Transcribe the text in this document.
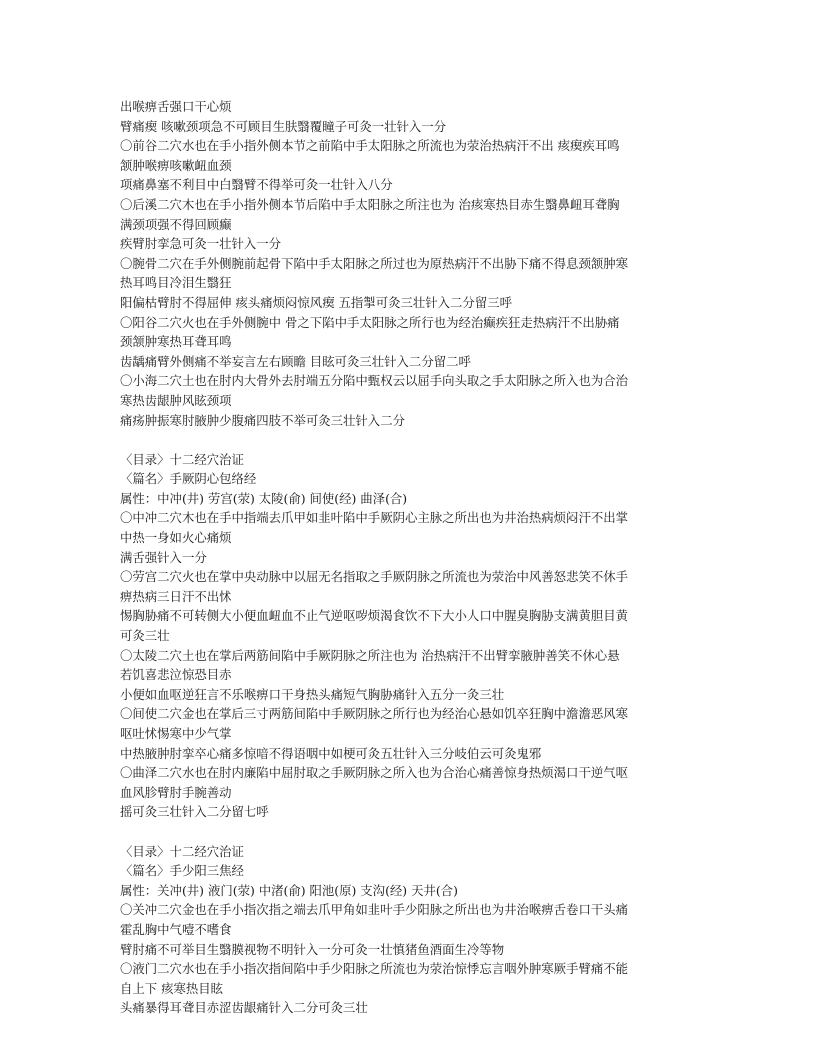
出喉痹舌强口干心烦

臂痛瘈 咳嗽颈项急不可顾目生肤翳覆瞳子可灸一壮针入一分

〇前谷二穴水也在手小指外侧本节之前陷中手太阳脉之所流也为荥治热病汗不出 痎瘈疾耳鸣

颔肿喉痹咳嗽衄血颈

项痛鼻塞不利目中白翳臂不得举可灸一壮针入八分

〇后溪二穴木也在手小指外侧本节后陷中手太阳脉之所注也为 治痎寒热目赤生翳鼻衄耳聋胸

满颈项强不得回顾癫

疾臂肘挛急可灸一壮针入一分

〇腕骨二穴在手外侧腕前起骨下陷中手太阳脉之所过也为原热病汗不出胁下痛不得息颈颔肿寒

热耳鸣目冷泪生翳狂

阳偏枯臂肘不得屈伸 痎头痛烦闷惊风瘈 五指掣可灸三壮针入二分留三呼

〇阳谷二穴火也在手外侧腕中 骨之下陷中手太阳脉之所行也为经治癫疾狂走热病汗不出胁痛

颈颔肿寒热耳聋耳鸣

齿龋痛臂外侧痛不举妄言左右顾瞻 目眩可灸三壮针入二分留二呼

〇小海二穴土也在肘内大骨外去肘端五分陷中甄权云以屈手向头取之手太阳脉之所入也为合治

寒热齿龈肿风眩颈项

痛疡肿振寒肘腋肿少腹痛四肢不举可灸三壮针入二分

〈目录〉十二经穴治证

〈篇名〉手厥阴心包络经

属性：中冲(井) 劳宫(荥) 太陵(俞) 间使(经) 曲泽(合)

〇中冲二穴木也在手中指端去爪甲如韭叶陷中手厥阴心主脉之所出也为井治热病烦闷汗不出掌

中热一身如火心痛烦

满舌强针入一分

〇劳宫二穴火也在掌中央动脉中以屈无名指取之手厥阴脉之所流也为荥治中风善怒悲笑不休手

痹热病三日汗不出怵

惕胸胁痛不可转侧大小便血衄血不止气逆呕哕烦渴食饮不下大小人口中腥臭胸胁支满黄胆目黄

可灸三壮

〇太陵二穴土也在掌后两筋间陷中手厥阴脉之所注也为 治热病汗不出臂挛腋肿善笑不休心悬

若饥喜悲泣惊恐目赤

小便如血呕逆狂言不乐喉痹口干身热头痛短气胸胁痛针入五分一灸三壮

〇间使二穴金也在掌后三寸两筋间陷中手厥阴脉之所行也为经治心悬如饥卒狂胸中澹澹恶风寒

呕吐怵惕寒中少气掌

中热腋肿肘挛卒心痛多惊喑不得语咽中如梗可灸五壮针入三分岐伯云可灸鬼邪

〇曲泽二穴水也在肘内廉陷中屈肘取之手厥阴脉之所入也为合治心痛善惊身热烦渴口干逆气呕

血风胗臂肘手腕善动

摇可灸三壮针入二分留七呼

〈目录〉十二经穴治证

〈篇名〉手少阳三焦经

属性：关冲(井) 液门(荥) 中渚(俞) 阳池(原) 支沟(经) 天井(合)

〇关冲二穴金也在手小指次指之端去爪甲角如韭叶手少阳脉之所出也为井治喉痹舌卷口干头痛

霍乱胸中气噎不嗜食

臂肘痛不可举目生翳膜视物不明针入一分可灸一壮慎猪鱼酒面生冷等物

〇液门二穴水也在手小指次指间陷中手少阳脉之所流也为荥治惊悸忘言咽外肿寒厥手臂痛不能

自上下 痎寒热目眩

头痛暴得耳聋目赤涩齿龈痛针入二分可灸三壮
